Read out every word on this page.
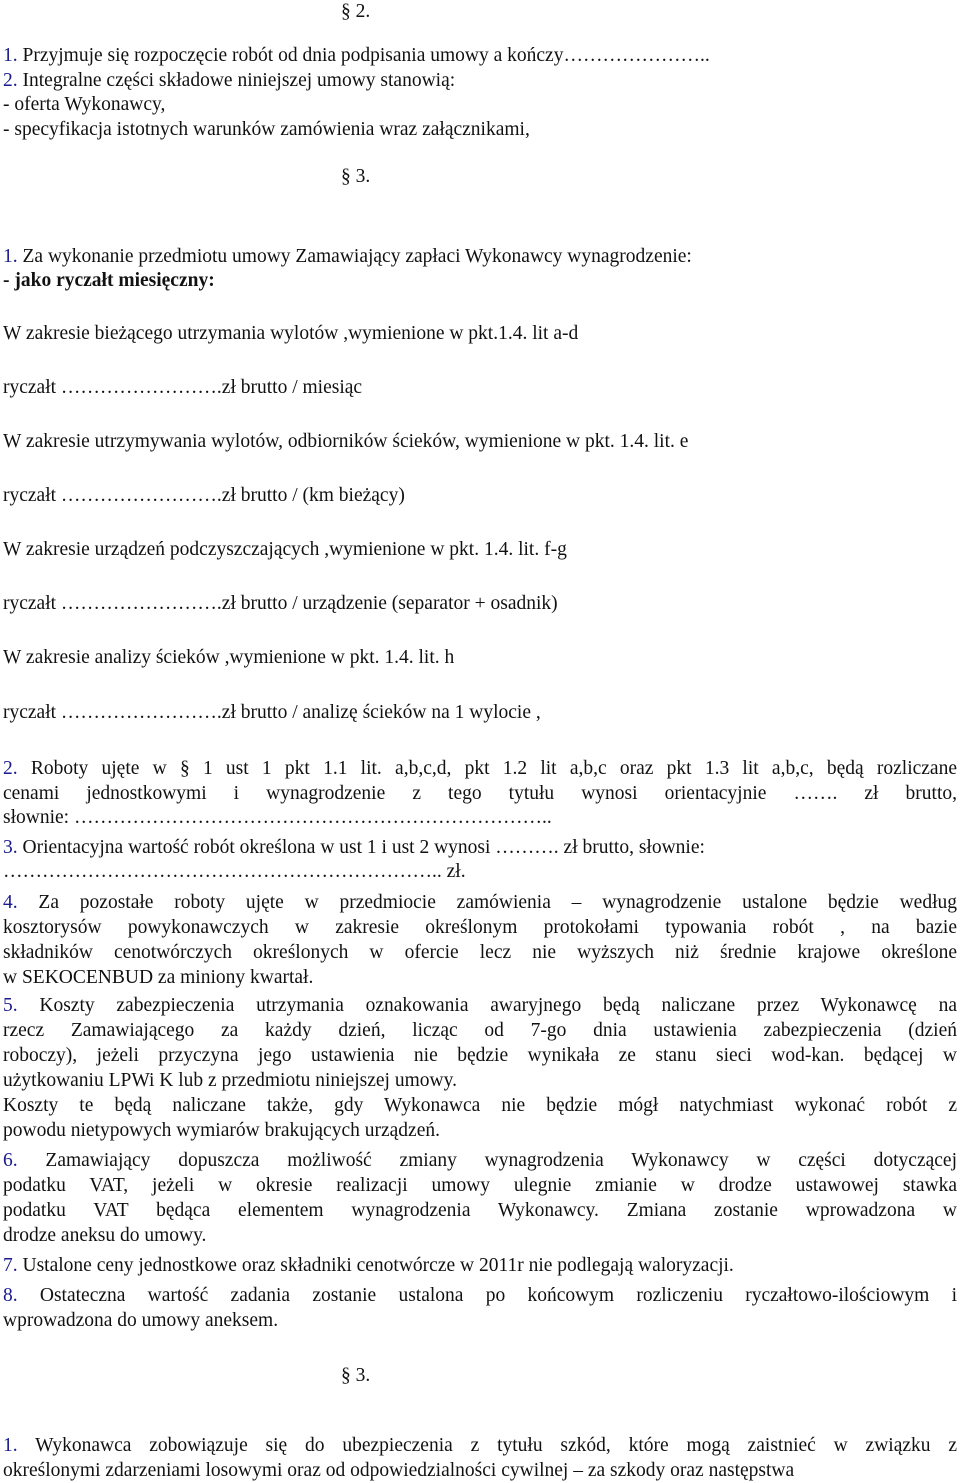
§ 2.
1. Przyjmuje się rozpoczęcie robót od dnia podpisania umowy a kończy…………………..
2. Integralne części składowe niniejszej umowy stanowią:
- oferta Wykonawcy,
- specyfikacja istotnych warunków zamówienia wraz załącznikami,
§ 3.
1. Za wykonanie przedmiotu umowy Zamawiający zapłaci Wykonawcy wynagrodzenie:
- jako ryczałt miesięczny:
W zakresie bieżącego utrzymania wylotów ,wymienione w pkt.1.4. lit a-d
ryczałt …………………….zł brutto / miesiąc
W zakresie utrzymywania wylotów, odbiorników ścieków, wymienione w pkt. 1.4. lit. e
ryczałt …………………….zł brutto / (km bieżący)
W zakresie urządzeń podczyszczających ,wymienione w pkt. 1.4. lit. f-g
ryczałt …………………….zł brutto / urządzenie (separator + osadnik)
W zakresie analizy ścieków ,wymienione w pkt. 1.4. lit. h
ryczałt …………………….zł brutto / analizę ścieków na 1 wylocie ,
2. Roboty ujęte w § 1 ust 1 pkt 1.1 lit. a,b,c,d, pkt 1.2 lit a,b,c oraz pkt 1.3 lit a,b,c, będą rozliczane
cenami jednostkowymi i wynagrodzenie z tego tytułu wynosi orientacyjnie ……. zł brutto,
słownie: ………………………………………………………………..
3. Orientacyjna wartość robót określona w ust 1 i ust 2 wynosi ………. zł brutto, słownie:
………………………………………………………….. zł.
4. Za pozostałe roboty ujęte w przedmiocie zamówienia – wynagrodzenie ustalone będzie według
kosztorysów powykonawczych w zakresie określonym protokołami typowania robót , na bazie
składników cenotwórczych określonych w ofercie lecz nie wyższych niż średnie krajowe określone
w SEKOCENBUD za miniony kwartał.
5. Koszty zabezpieczenia utrzymania oznakowania awaryjnego będą naliczane przez Wykonawcę na
rzecz Zamawiającego za każdy dzień, licząc od 7-go dnia ustawienia zabezpieczenia (dzień
roboczy), jeżeli przyczyna jego ustawienia nie będzie wynikała ze stanu sieci wod-kan. będącej w
użytkowaniu LPWi K lub z przedmiotu niniejszej umowy.
Koszty te będą naliczane także, gdy Wykonawca nie będzie mógł natychmiast wykonać robót z
powodu nietypowych wymiarów brakujących urządzeń.
6. Zamawiający dopuszcza możliwość zmiany wynagrodzenia Wykonawcy w części dotyczącej
podatku VAT, jeżeli w okresie realizacji umowy ulegnie zmianie w drodze ustawowej stawka
podatku VAT będąca elementem wynagrodzenia Wykonawcy. Zmiana zostanie wprowadzona w
drodze aneksu do umowy.
7. Ustalone ceny jednostkowe oraz składniki cenotwórcze w 2011r nie podlegają waloryzacji.
8. Ostateczna wartość zadania zostanie ustalona po końcowym rozliczeniu ryczałtowo-ilościowym i
wprowadzona do umowy aneksem.
§ 3.
1. Wykonawca zobowiązuje się do ubezpieczenia z tytułu szkód, które mogą zaistnieć w związku z
określonymi zdarzeniami losowymi oraz od odpowiedzialności cywilnej – za szkody oraz następstwa
